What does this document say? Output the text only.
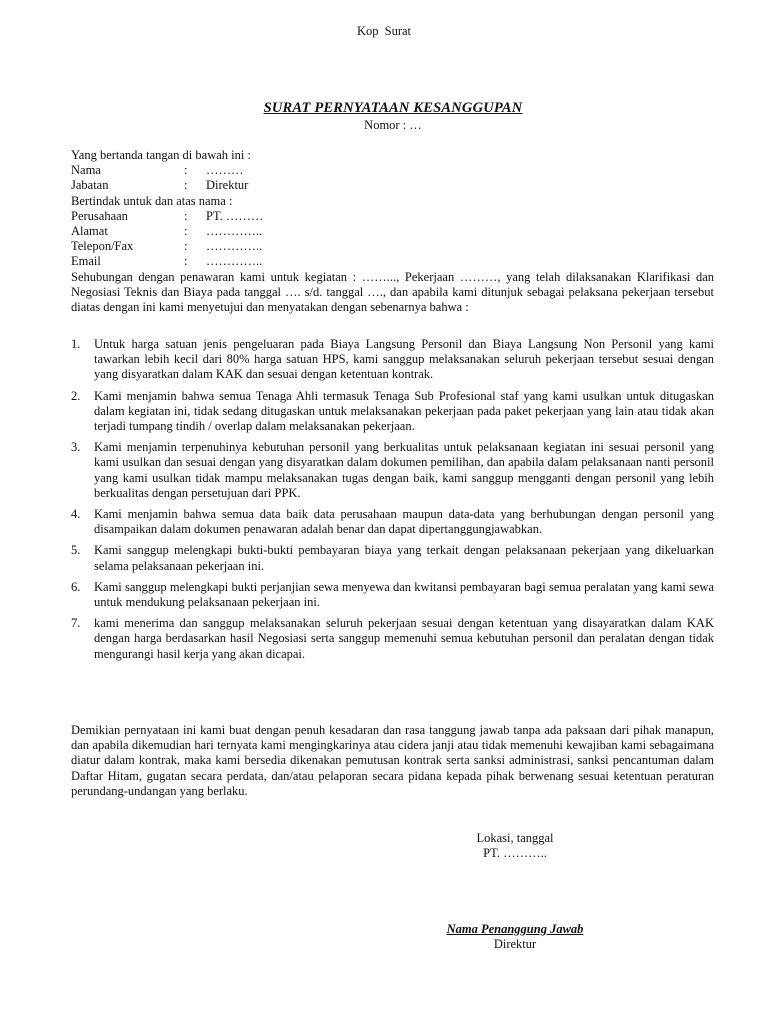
Kop Surat
SURAT PERNYATAAN KESANGGUPAN
Nomor : …
Yang bertanda tangan di bawah ini :
Nama	:	………
Jabatan	:	Direktur
Bertindak untuk dan atas nama :
Perusahaan	:	PT. ………
Alamat	:	…………..
Telepon/Fax	:	…………..
Email	:	…………..
Sehubungan dengan penawaran kami untuk kegiatan : ……..., Pekerjaan ………, yang telah dilaksanakan Klarifikasi dan Negosiasi Teknis dan Biaya pada tanggal …. s/d. tanggal …., dan apabila kami ditunjuk sebagai pelaksana pekerjaan tersebut diatas dengan ini kami menyetujui dan menyatakan dengan sebenarnya bahwa :
1.	Untuk harga satuan jenis pengeluaran pada Biaya Langsung Personil dan Biaya Langsung Non Personil yang kami tawarkan lebih kecil dari 80% harga satuan HPS, kami sanggup melaksanakan seluruh pekerjaan tersebut sesuai dengan yang disyaratkan dalam KAK dan sesuai dengan ketentuan kontrak.
2.	Kami menjamin bahwa semua Tenaga Ahli termasuk Tenaga Sub Profesional staf yang kami usulkan untuk ditugaskan dalam kegiatan ini, tidak sedang ditugaskan untuk melaksanakan pekerjaan pada paket pekerjaan yang lain atau tidak akan terjadi tumpang tindih / overlap dalam melaksanakan pekerjaan.
3.	Kami menjamin terpenuhinya kebutuhan personil yang berkualitas untuk pelaksanaan kegiatan ini sesuai personil yang kami usulkan dan sesuai dengan yang disyaratkan dalam dokumen pemilihan, dan apabila dalam pelaksanaan nanti personil yang kami usulkan tidak mampu melaksanakan tugas dengan baik, kami sanggup mengganti dengan personil yang lebih berkualitas dengan persetujuan dari PPK.
4.	Kami menjamin bahwa semua data baik data perusahaan maupun data-data yang berhubungan dengan personil yang disampaikan dalam dokumen penawaran adalah benar dan dapat dipertanggungjawabkan.
5.	Kami sanggup melengkapi bukti-bukti pembayaran biaya yang terkait dengan pelaksanaan pekerjaan yang dikeluarkan selama pelaksanaan pekerjaan ini.
6.	Kami sanggup melengkapi bukti perjanjian sewa menyewa dan kwitansi pembayaran bagi semua peralatan yang kami sewa untuk mendukung pelaksanaan pekerjaan ini.
7.	kami menerima dan sanggup melaksanakan seluruh pekerjaan sesuai dengan ketentuan yang disayaratkan dalam KAK dengan harga berdasarkan hasil Negosiasi serta sanggup memenuhi semua kebutuhan personil dan peralatan dengan tidak mengurangi hasil kerja yang akan dicapai.
Demikian pernyataan ini kami buat dengan penuh kesadaran dan rasa tanggung jawab tanpa ada paksaan dari pihak manapun, dan apabila dikemudian hari ternyata kami mengingkarinya atau cidera janji atau tidak memenuhi kewajiban kami sebagaimana diatur dalam kontrak, maka kami bersedia dikenakan pemutusan kontrak serta sanksi administrasi, sanksi pencantuman dalam Daftar Hitam, gugatan secara perdata, dan/atau pelaporan secara pidana kepada pihak berwenang sesuai ketentuan peraturan perundang-undangan yang berlaku.
Lokasi, tanggal
PT. ………..
Nama Penanggung Jawab
Direktur
